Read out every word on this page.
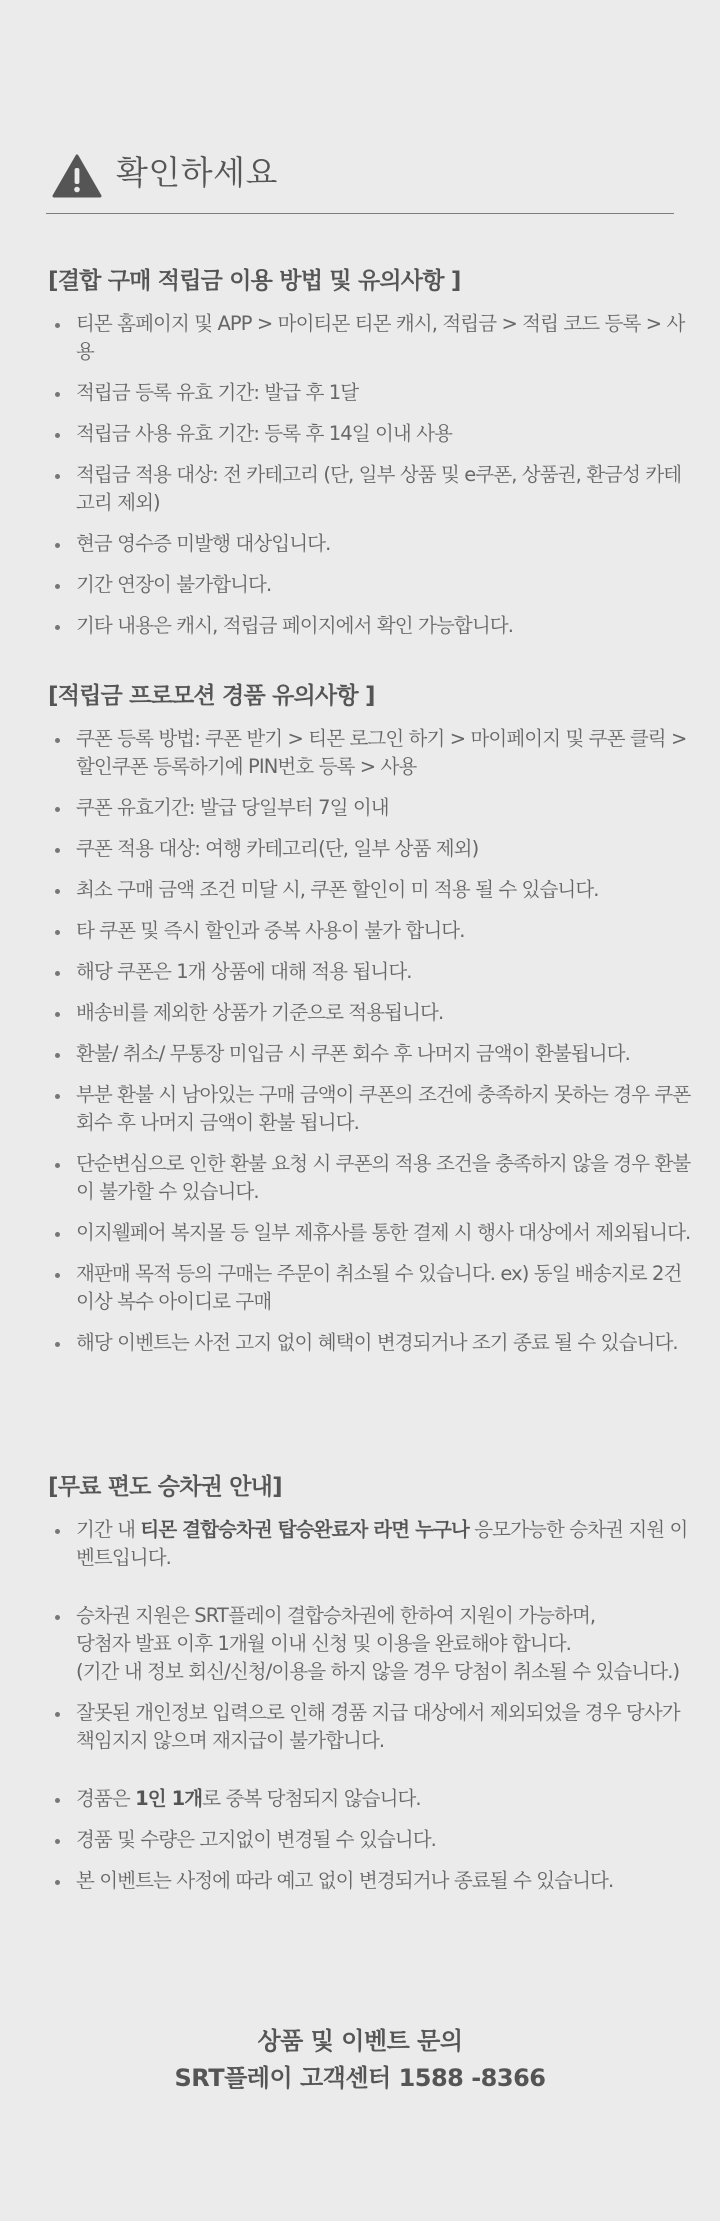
확인하세요
[결합 구매 적립금 이용 방법 및 유의사항 ]
티몬 홈페이지 및 APP > 마이티몬 티몬 캐시, 적립금 > 적립 코드 등록 > 사용
적립금 등록 유효 기간: 발급 후 1달
적립금 사용 유효 기간: 등록 후 14일 이내 사용
적립금 적용 대상: 전 카테고리 (단, 일부 상품 및 e쿠폰, 상품권, 환금성 카테고리 제외)
현금 영수증 미발행 대상입니다.
기간 연장이 불가합니다.
기타 내용은 캐시, 적립금 페이지에서 확인 가능합니다.
[적립금 프로모션 경품 유의사항 ]
쿠폰 등록 방법: 쿠폰 받기 > 티몬 로그인 하기 > 마이페이지 및 쿠폰 클릭 > 할인쿠폰 등록하기에 PIN번호 등록 > 사용
쿠폰 유효기간: 발급 당일부터 7일 이내
쿠폰 적용 대상: 여행 카테고리(단, 일부 상품 제외)
최소 구매 금액 조건 미달 시, 쿠폰 할인이 미 적용 될 수 있습니다.
타 쿠폰 및 즉시 할인과 중복 사용이 불가 합니다.
해당 쿠폰은 1개 상품에 대해 적용 됩니다.
배송비를 제외한 상품가 기준으로 적용됩니다.
환불/ 취소/ 무통장 미입금 시 쿠폰 회수 후 나머지 금액이 환불됩니다.
부분 환불 시 남아있는 구매 금액이 쿠폰의 조건에 충족하지 못하는 경우 쿠폰 회수 후 나머지 금액이 환불 됩니다.
단순변심으로 인한 환불 요청 시 쿠폰의 적용 조건을 충족하지 않을 경우 환불이 불가할 수 있습니다.
이지웰페어 복지몰 등 일부 제휴사를 통한 결제 시 행사 대상에서 제외됩니다.
재판매 목적 등의 구매는 주문이 취소될 수 있습니다. ex) 동일 배송지로 2건 이상 복수 아이디로 구매
해당 이벤트는 사전 고지 없이 혜택이 변경되거나 조기 종료 될 수 있습니다.
[무료 편도 승차권 안내]
기간 내 티몬 결합승차권 탑승완료자 라면 누구나 응모가능한 승차권 지원 이벤트입니다.
승차권 지원은 SRT플레이 결합승차권에 한하여 지원이 가능하며,
당첨자 발표 이후 1개월 이내 신청 및 이용을 완료해야 합니다.
(기간 내 정보 회신/신청/이용을 하지 않을 경우 당첨이 취소될 수 있습니다.)
잘못된 개인정보 입력으로 인해 경품 지급 대상에서 제외되었을 경우 당사가 책임지지 않으며 재지급이 불가합니다.
경품은 1인 1개로 중복 당첨되지 않습니다.
경품 및 수량은 고지없이 변경될 수 있습니다.
본 이벤트는 사정에 따라 예고 없이 변경되거나 종료될 수 있습니다.
상품 및 이벤트 문의
SRT플레이 고객센터 1588 -8366
